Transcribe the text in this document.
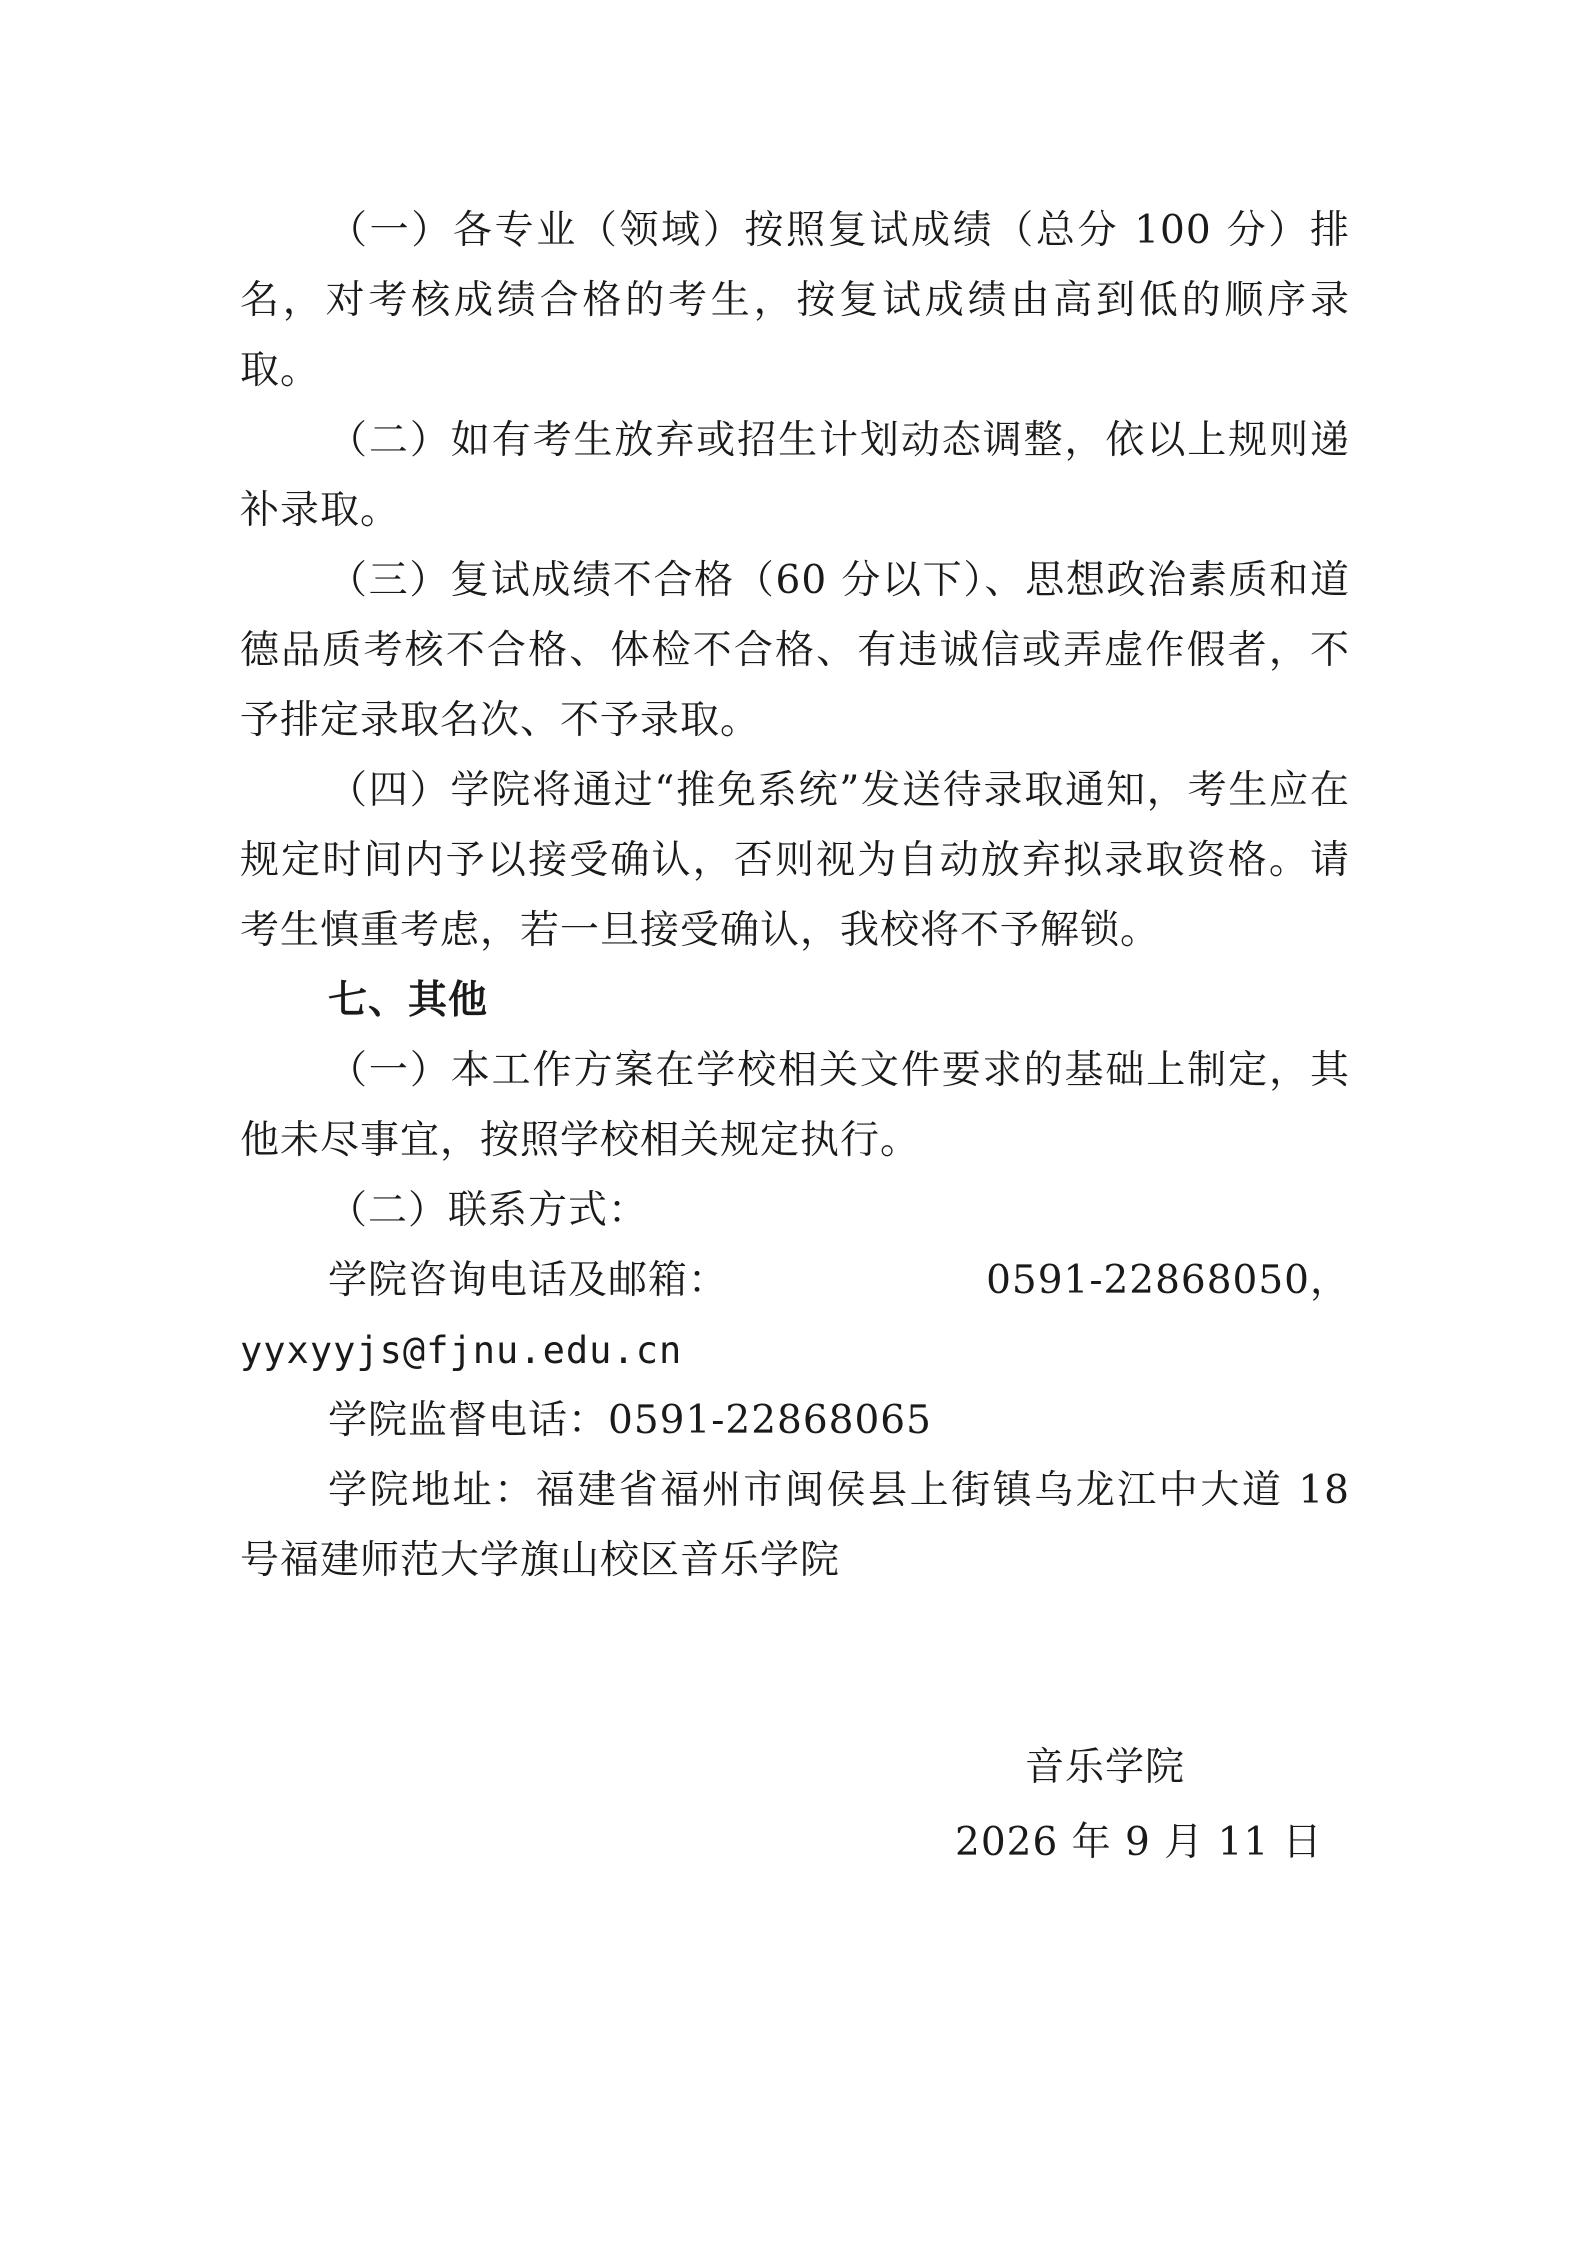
（一）各专业（领域）按照复试成绩（总分 100 分）排名，对考核成绩合格的考生，按复试成绩由高到低的顺序录取。

（二）如有考生放弃或招生计划动态调整，依以上规则递补录取。

（三）复试成绩不合格（60 分以下）、思想政治素质和道德品质考核不合格、体检不合格、有违诚信或弄虚作假者，不予排定录取名次、不予录取。

（四）学院将通过“推免系统”发送待录取通知，考生应在规定时间内予以接受确认，否则视为自动放弃拟录取资格。请考生慎重考虑，若一旦接受确认，我校将不予解锁。

七、其他

（一）本工作方案在学校相关文件要求的基础上制定，其他未尽事宜，按照学校相关规定执行。

（二）联系方式：

学院咨询电话及邮箱：	0591-22868050，

yyxyyjs@fjnu.edu.cn

学院监督电话：0591-22868065

学院地址：福建省福州市闽侯县上街镇乌龙江中大道 18 号福建师范大学旗山校区音乐学院

音乐学院
2026 年 9 月 11 日
